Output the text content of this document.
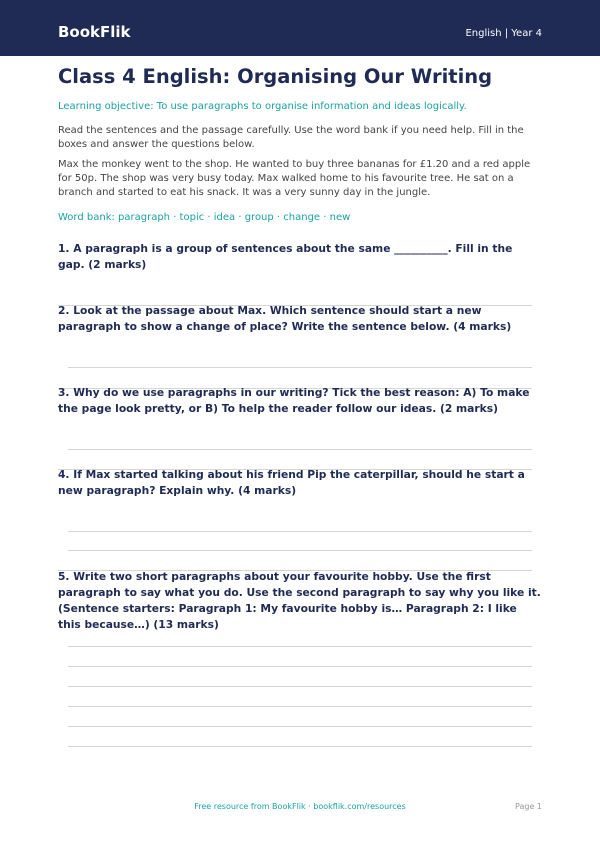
BookFlik	English | Year 4
Class 4 English: Organising Our Writing
Learning objective: To use paragraphs to organise information and ideas logically.

Read the sentences and the passage carefully. Use the word bank if you need help. Fill in the boxes and answer the questions below.

Max the monkey went to the shop. He wanted to buy three bananas for £1.20 and a red apple for 50p. The shop was very busy today. Max walked home to his favourite tree. He sat on a branch and started to eat his snack. It was a very sunny day in the jungle.

Word bank: paragraph · topic · idea · group · change · new

1. A paragraph is a group of sentences about the same __________. Fill in the gap. (2 marks)

2. Look at the passage about Max. Which sentence should start a new paragraph to show a change of place? Write the sentence below. (4 marks)

3. Why do we use paragraphs in our writing? Tick the best reason: A) To make the page look pretty, or B) To help the reader follow our ideas. (2 marks)

4. If Max started talking about his friend Pip the caterpillar, should he start a new paragraph? Explain why. (4 marks)

5. Write two short paragraphs about your favourite hobby. Use the first paragraph to say what you do. Use the second paragraph to say why you like it. (Sentence starters: Paragraph 1: My favourite hobby is… Paragraph 2: I like this because…) (13 marks)

Free resource from BookFlik · bookflik.com/resources	Page 1
